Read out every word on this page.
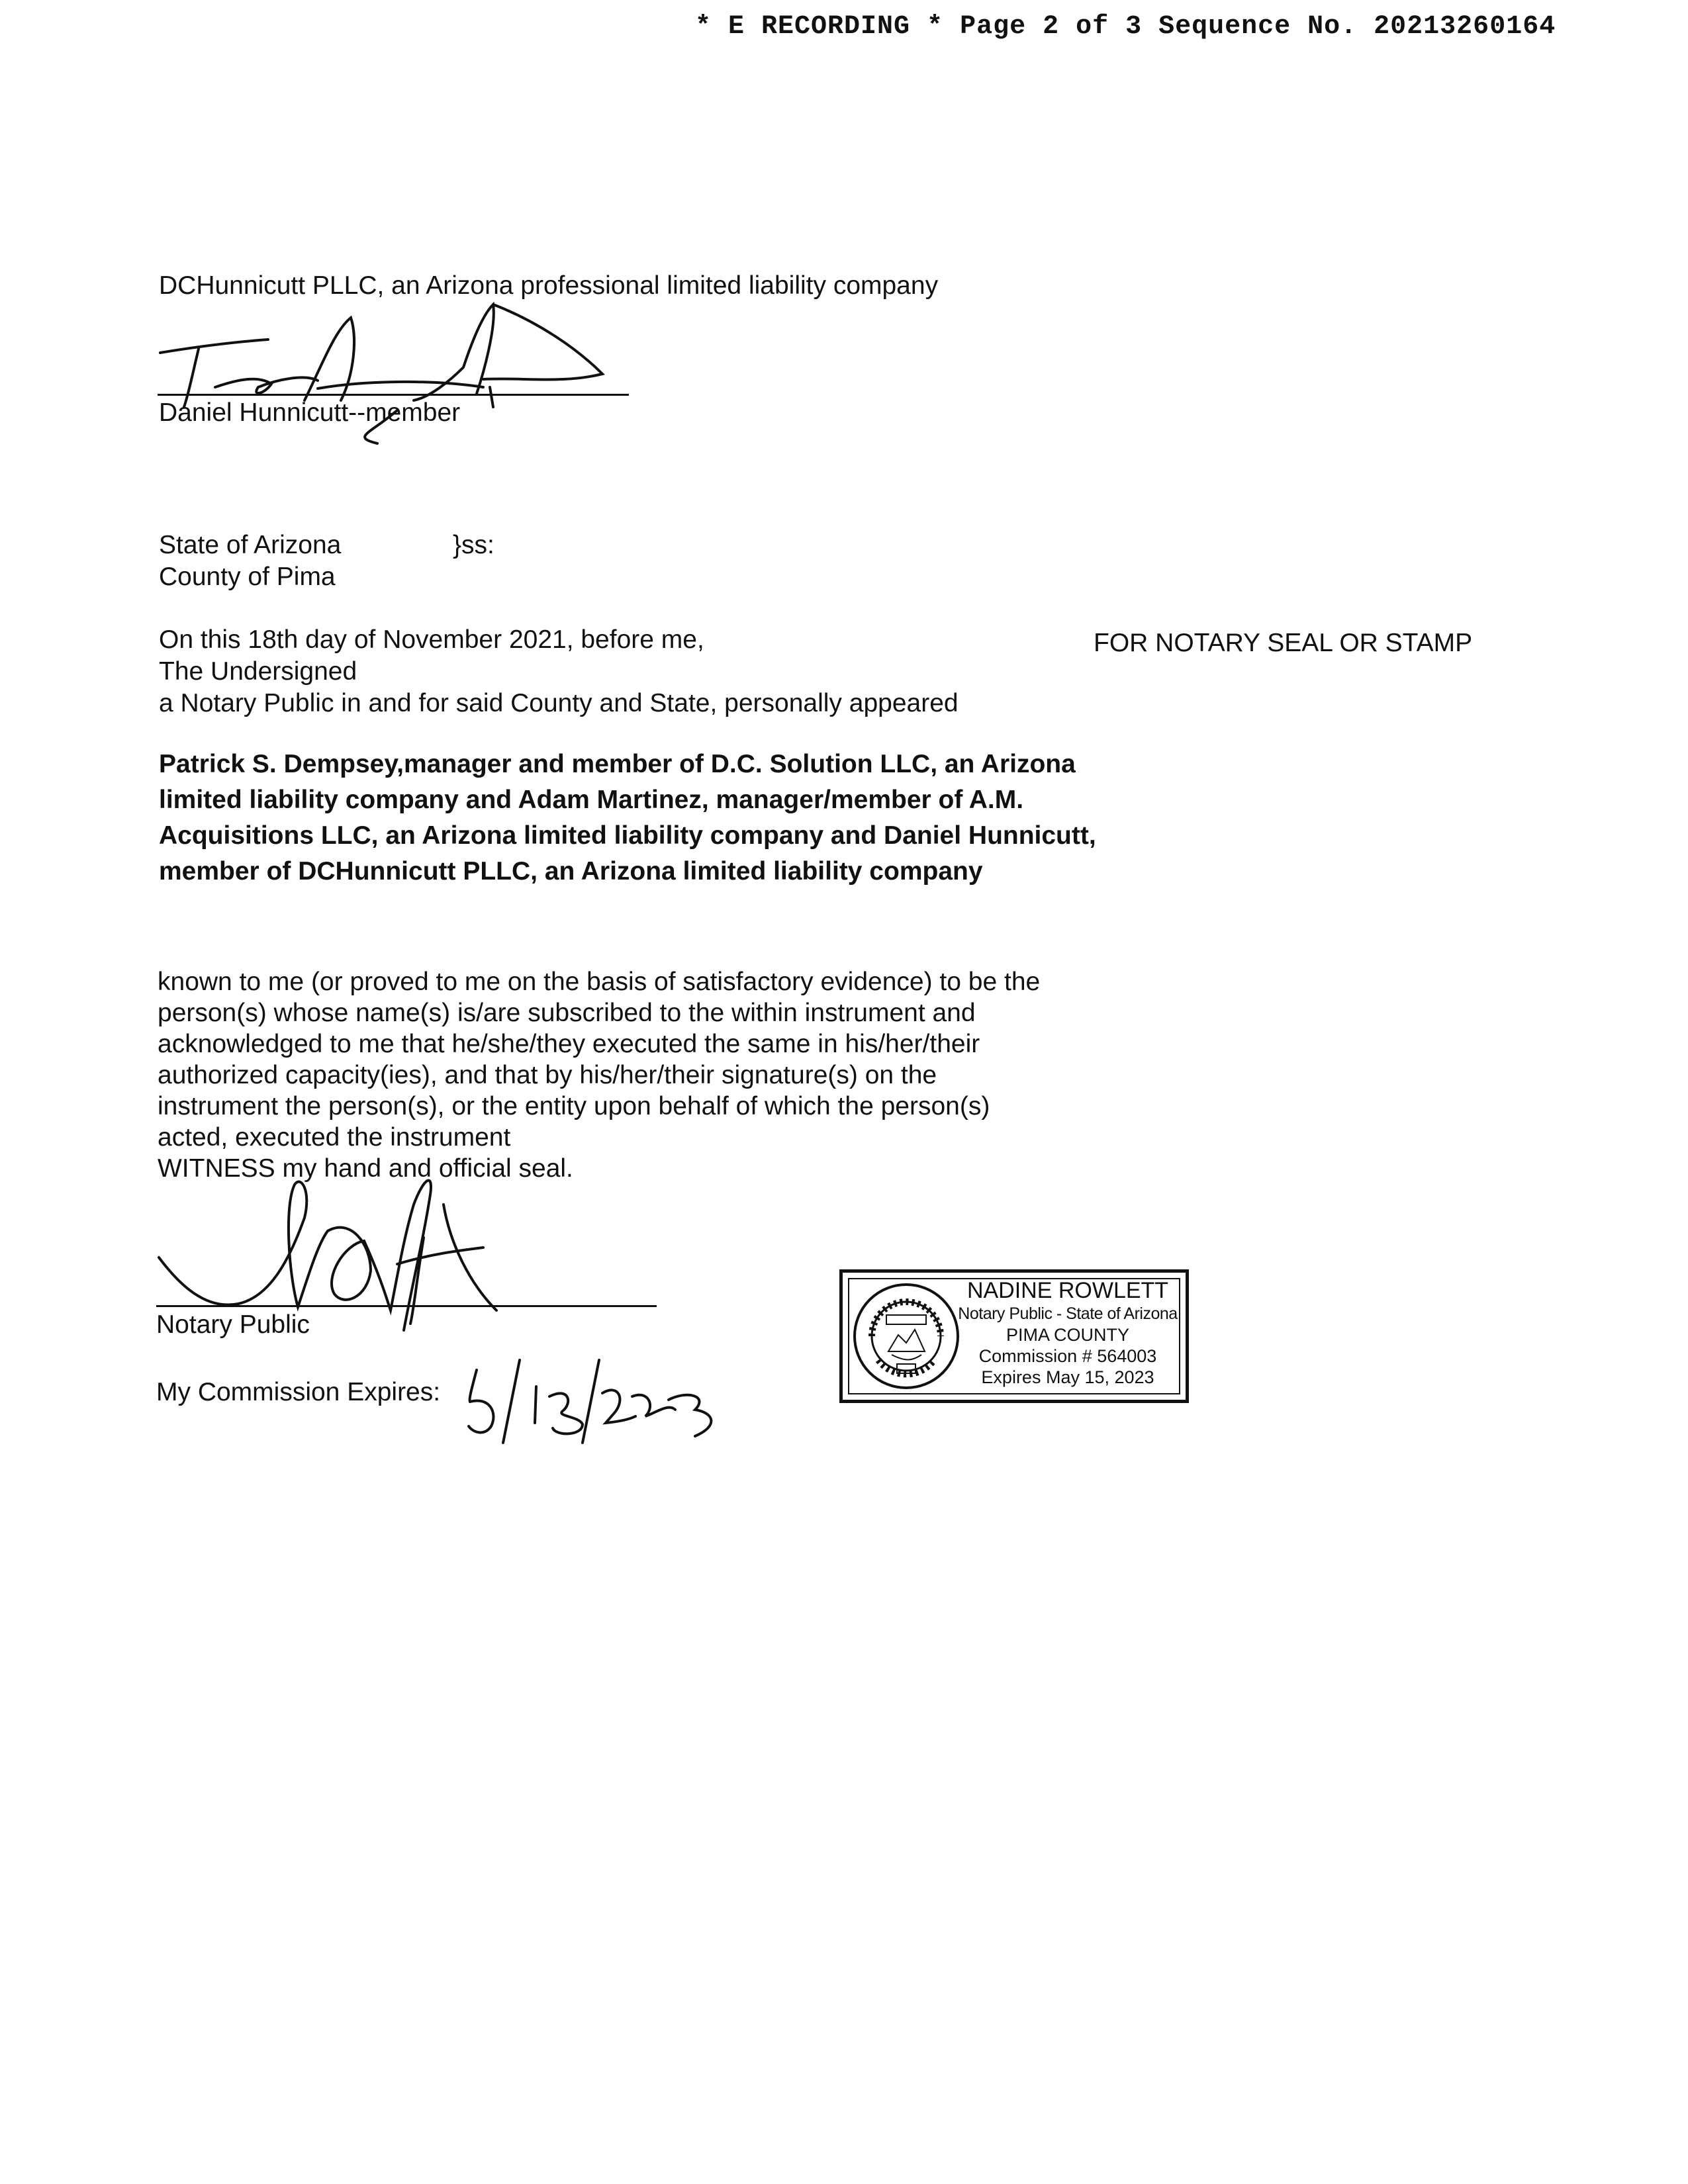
* E RECORDING * Page 2 of 3 Sequence No. 20213260164
DCHunnicutt PLLC, an Arizona professional limited liability company
Daniel Hunnicutt--member
State of Arizona	}ss:
County of Pima
On this 18th day of November 2021, before me,	FOR NOTARY SEAL OR STAMP
The Undersigned
a Notary Public in and for said County and State, personally appeared
Patrick S. Dempsey,manager and member of D.C. Solution LLC, an Arizona limited liability company and Adam Martinez, manager/member of A.M. Acquisitions LLC, an Arizona limited liability company and Daniel Hunnicutt, member of DCHunnicutt PLLC, an Arizona limited liability company
known to me (or proved to me on the basis of satisfactory evidence) to be the
person(s) whose name(s) is/are subscribed to the within instrument and
acknowledged to me that he/she/they executed the same in his/her/their
authorized capacity(ies), and that by his/her/their signature(s) on the
instrument the person(s), or the entity upon behalf of which the person(s)
acted, executed the instrument
WITNESS my hand and official seal.
Notary Public
My Commission Expires:
NADINE ROWLETT
Notary Public - State of Arizona
PIMA COUNTY
Commission # 564003
Expires May 15, 2023
